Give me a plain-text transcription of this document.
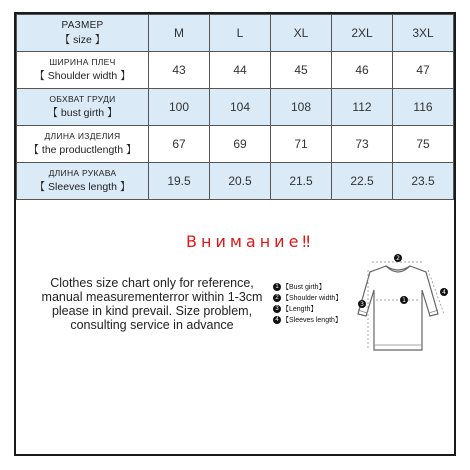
РАЗМЕР
【 size 】	M	L	XL	2XL	3XL

ШИРИНА ПЛЕЧ
【 Shoulder width 】	43	44	45	46	47

ОБХВАТ ГРУДИ
【 bust girth 】	100	104	108	112	116

ДЛИНА ИЗДЕЛИЯ
【 the productlength 】	67	69	71	73	75

ДЛИНА РУКАВА
【 Sleeves length 】	19.5	20.5	21.5	22.5	23.5
Внимание‼
Clothes size chart only for reference,
manual measurementerror within 1-3cm
please in kind prevail. Size problem,
consulting service in advance
1 【Bust girth】
2 【Shoulder width】
3 【Length】
4 【Sleeves length】
2
1
3
4
